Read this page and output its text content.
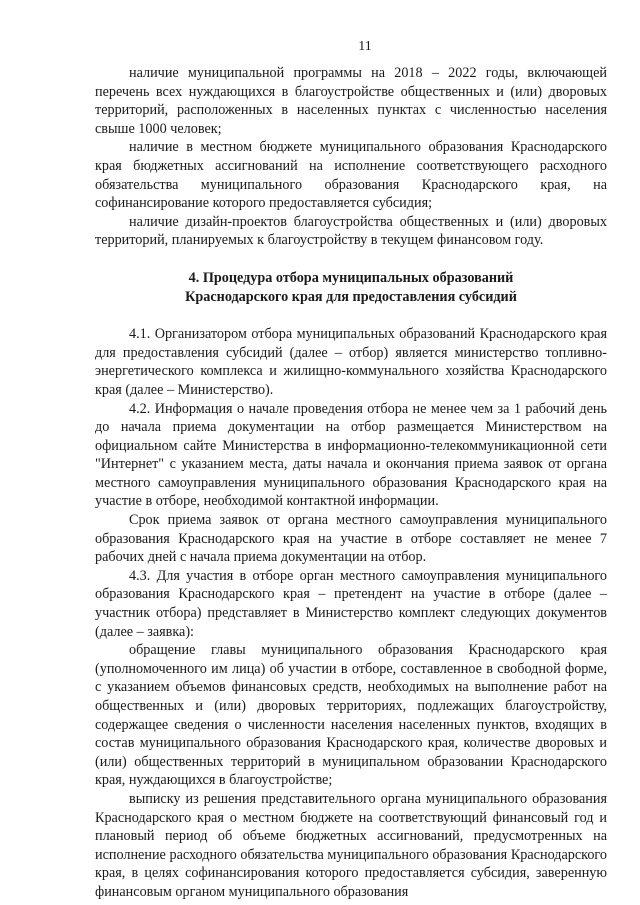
11

наличие муниципальной программы на 2018 – 2022 годы, включающей перечень всех нуждающихся в благоустройстве общественных и (или) дворовых территорий, расположенных в населенных пунктах с численностью населения свыше 1000 человек;

наличие в местном бюджете муниципального образования Краснодарского края бюджетных ассигнований на исполнение соответствующего расходного обязательства муниципального образования Краснодарского края, на софинансирование которого предоставляется субсидия;

наличие дизайн-проектов благоустройства общественных и (или) дворовых территорий, планируемых к благоустройству в текущем финансовом году.

4. Процедура отбора муниципальных образований
Краснодарского края для предоставления субсидий

4.1. Организатором отбора муниципальных образований Краснодарского края для предоставления субсидий (далее – отбор) является министерство топливно-энергетического комплекса и жилищно-коммунального хозяйства Краснодарского края (далее – Министерство).

4.2. Информация о начале проведения отбора не менее чем за 1 рабочий день до начала приема документации на отбор размещается Министерством на официальном сайте Министерства в информационно-телекоммуникационной сети "Интернет" с указанием места, даты начала и окончания приема заявок от органа местного самоуправления муниципального образования Краснодарского края на участие в отборе, необходимой контактной информации.

Срок приема заявок от органа местного самоуправления муниципального образования Краснодарского края на участие в отборе составляет не менее 7 рабочих дней с начала приема документации на отбор.

4.3. Для участия в отборе орган местного самоуправления муниципального образования Краснодарского края – претендент на участие в отборе (далее – участник отбора) представляет в Министерство комплект следующих документов (далее – заявка):

обращение главы муниципального образования Краснодарского края (уполномоченного им лица) об участии в отборе, составленное в свободной форме, с указанием объемов финансовых средств, необходимых на выполнение работ на общественных и (или) дворовых территориях, подлежащих благоустройству, содержащее сведения о численности населения населенных пунктов, входящих в состав муниципального образования Краснодарского края, количестве дворовых и (или) общественных территорий в муниципальном образовании Краснодарского края, нуждающихся в благоустройстве;

выписку из решения представительного органа муниципального образования Краснодарского края о местном бюджете на соответствующий финансовый год и плановый период об объеме бюджетных ассигнований, предусмотренных на исполнение расходного обязательства муниципального образования Краснодарского края, в целях софинансирования которого предоставляется субсидия, заверенную финансовым органом муниципального образования
